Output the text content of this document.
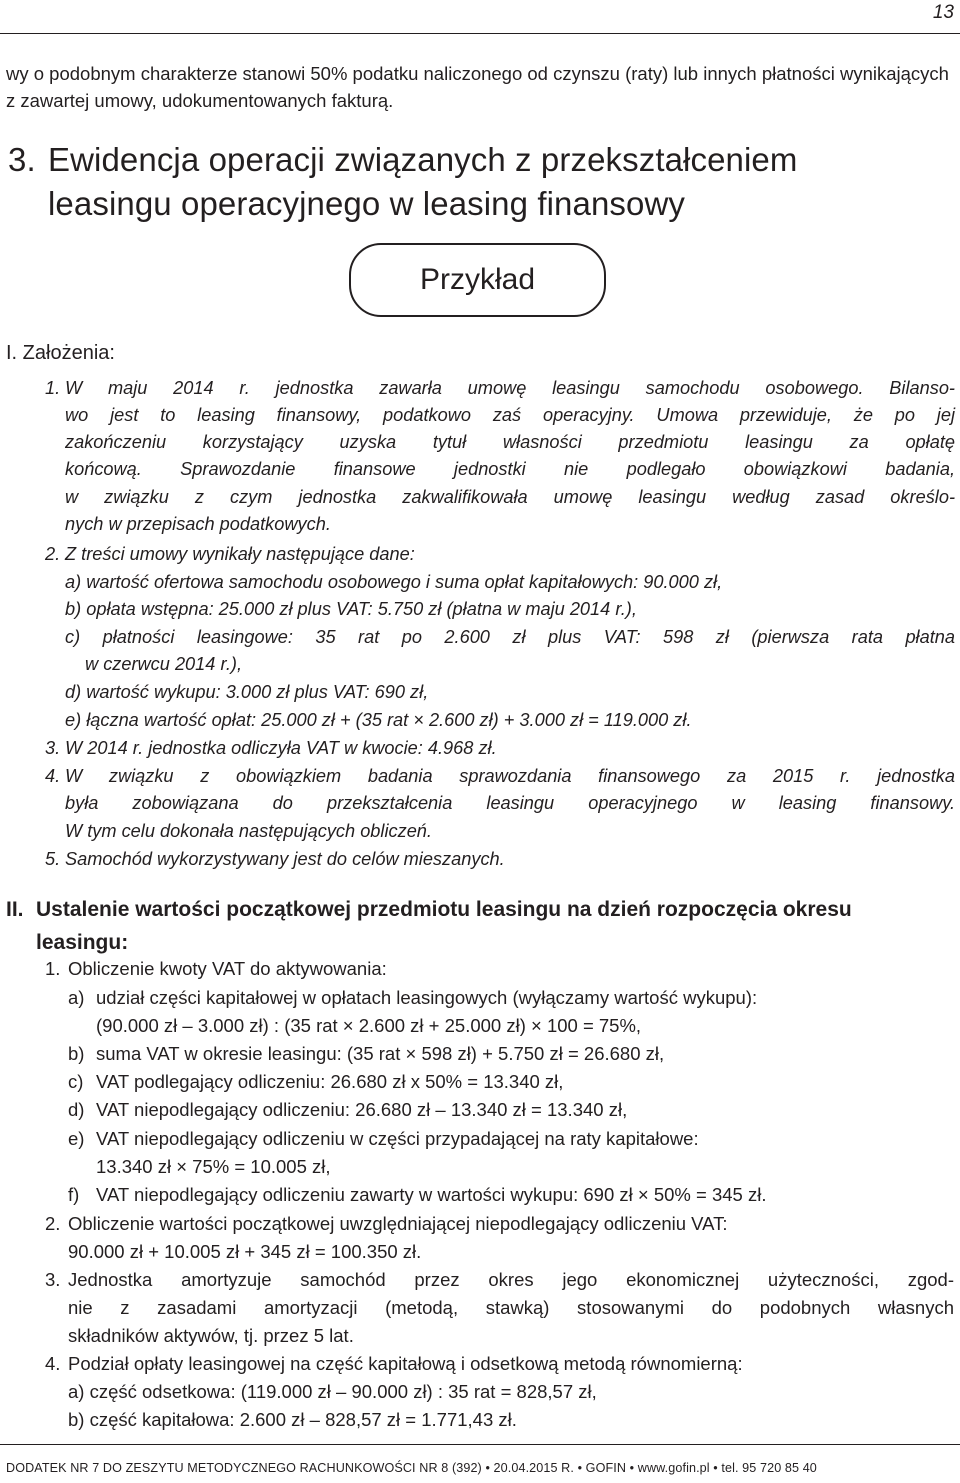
13
wy o podobnym charakterze stanowi 50% podatku naliczonego od czynszu (raty) lub innych płatności wynikających z zawartej umowy, udokumentowanych fakturą.
3. Ewidencja operacji związanych z przekształceniem
leasingu operacyjnego w leasing finansowy
Przykład
I. Założenia:
1. W maju 2014 r. jednostka zawarła umowę leasingu samochodu osobowego. Bilanso-
wo jest to leasing finansowy, podatkowo zaś operacyjny. Umowa przewiduje, że po jej
zakończeniu korzystający uzyska tytuł własności przedmiotu leasingu za opłatę
końcową. Sprawozdanie finansowe jednostki nie podlegało obowiązkowi badania,
w związku z czym jednostka zakwalifikowała umowę leasingu według zasad określo-
nych w przepisach podatkowych.
2. Z treści umowy wynikały następujące dane:
a) wartość ofertowa samochodu osobowego i suma opłat kapitałowych: 90.000 zł,
b) opłata wstępna: 25.000 zł plus VAT: 5.750 zł (płatna w maju 2014 r.),
c) płatności leasingowe: 35 rat po 2.600 zł plus VAT: 598 zł (pierwsza rata płatna
w czerwcu 2014 r.),
d) wartość wykupu: 3.000 zł plus VAT: 690 zł,
e) łączna wartość opłat: 25.000 zł + (35 rat × 2.600 zł) + 3.000 zł = 119.000 zł.
3. W 2014 r. jednostka odliczyła VAT w kwocie: 4.968 zł.
4. W związku z obowiązkiem badania sprawozdania finansowego za 2015 r. jednostka
była zobowiązana do przekształcenia leasingu operacyjnego w leasing finansowy.
W tym celu dokonała następujących obliczeń.
5. Samochód wykorzystywany jest do celów mieszanych.
II. Ustalenie wartości początkowej przedmiotu leasingu na dzień rozpoczęcia okresu leasingu:
1. Obliczenie kwoty VAT do aktywowania:
a) udział części kapitałowej w opłatach leasingowych (wyłączamy wartość wykupu):
(90.000 zł – 3.000 zł) : (35 rat × 2.600 zł + 25.000 zł) × 100 = 75%,
b) suma VAT w okresie leasingu: (35 rat × 598 zł) + 5.750 zł = 26.680 zł,
c) VAT podlegający odliczeniu: 26.680 zł x 50% = 13.340 zł,
d) VAT niepodlegający odliczeniu: 26.680 zł – 13.340 zł = 13.340 zł,
e) VAT niepodlegający odliczeniu w części przypadającej na raty kapitałowe:
13.340 zł × 75% = 10.005 zł,
f) VAT niepodlegający odliczeniu zawarty w wartości wykupu: 690 zł × 50% = 345 zł.
2. Obliczenie wartości początkowej uwzględniającej niepodlegający odliczeniu VAT:
90.000 zł + 10.005 zł + 345 zł = 100.350 zł.
3. Jednostka amortyzuje samochód przez okres jego ekonomicznej użyteczności, zgod-
nie z zasadami amortyzacji (metodą, stawką) stosowanymi do podobnych własnych
składników aktywów, tj. przez 5 lat.
4. Podział opłaty leasingowej na część kapitałową i odsetkową metodą równomierną:
a) część odsetkowa: (119.000 zł – 90.000 zł) : 35 rat = 828,57 zł,
b) część kapitałowa: 2.600 zł – 828,57 zł = 1.771,43 zł.
DODATEK NR 7 DO ZESZYTU METODYCZNEGO RACHUNKOWOŚCI NR 8 (392) • 20.04.2015 R. • GOFIN • www.gofin.pl • tel. 95 720 85 40
